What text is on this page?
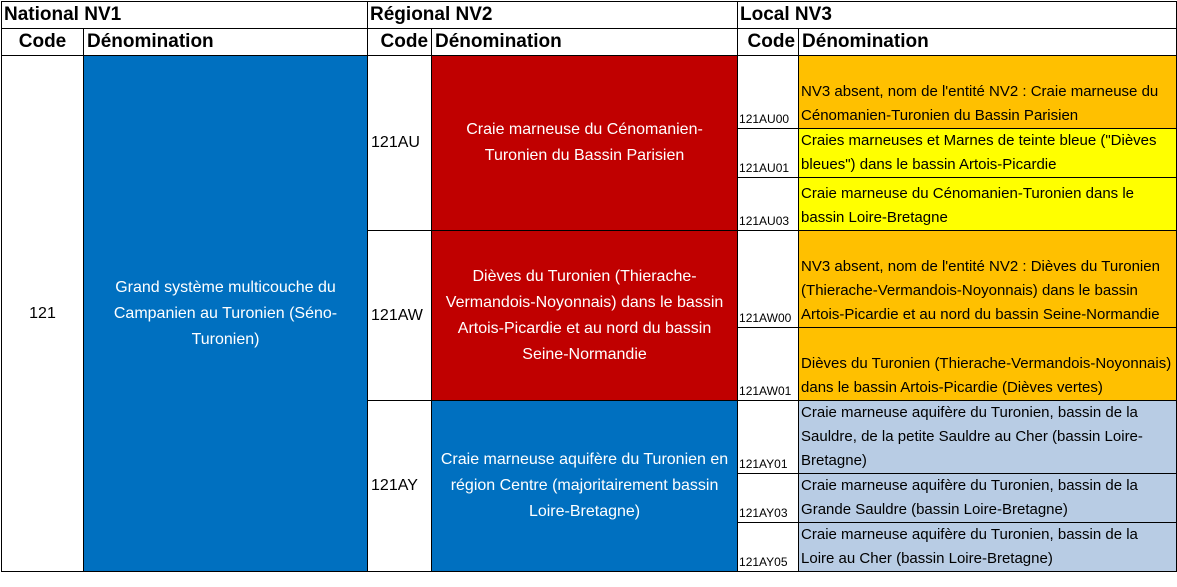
National NV1		Régional NV2		Local NV3	
Code	Dénomination	Code	Dénomination	Code	Dénomination
121	Grand système multicouche du Campanien au Turonien (Séno-Turonien)	121AU	Craie marneuse du Cénomanien-Turonien du Bassin Parisien	121AU00	NV3 absent, nom de l'entité NV2 : Craie marneuse du Cénomanien-Turonien du Bassin Parisien
				121AU01	Craies marneuses et Marnes de teinte bleue ("Dièves bleues") dans le bassin Artois-Picardie
				121AU03	Craie marneuse du Cénomanien-Turonien dans le bassin Loire-Bretagne
		121AW	Dièves du Turonien (Thierache-Vermandois-Noyonnais) dans le bassin Artois-Picardie et au nord du bassin Seine-Normandie	121AW00	NV3 absent, nom de l'entité NV2 : Dièves du Turonien (Thierache-Vermandois-Noyonnais) dans le bassin Artois-Picardie et au nord du bassin Seine-Normandie
				121AW01	Dièves du Turonien (Thierache-Vermandois-Noyonnais) dans le bassin Artois-Picardie (Dièves vertes)
		121AY	Craie marneuse aquifère du Turonien en région Centre (majoritairement bassin Loire-Bretagne)	121AY01	Craie marneuse aquifère du Turonien, bassin de la Sauldre, de la petite Sauldre au Cher (bassin Loire-Bretagne)
				121AY03	Craie marneuse aquifère du Turonien, bassin de la Grande Sauldre (bassin Loire-Bretagne)
				121AY05	Craie marneuse aquifère du Turonien, bassin de la Loire au Cher (bassin Loire-Bretagne)
